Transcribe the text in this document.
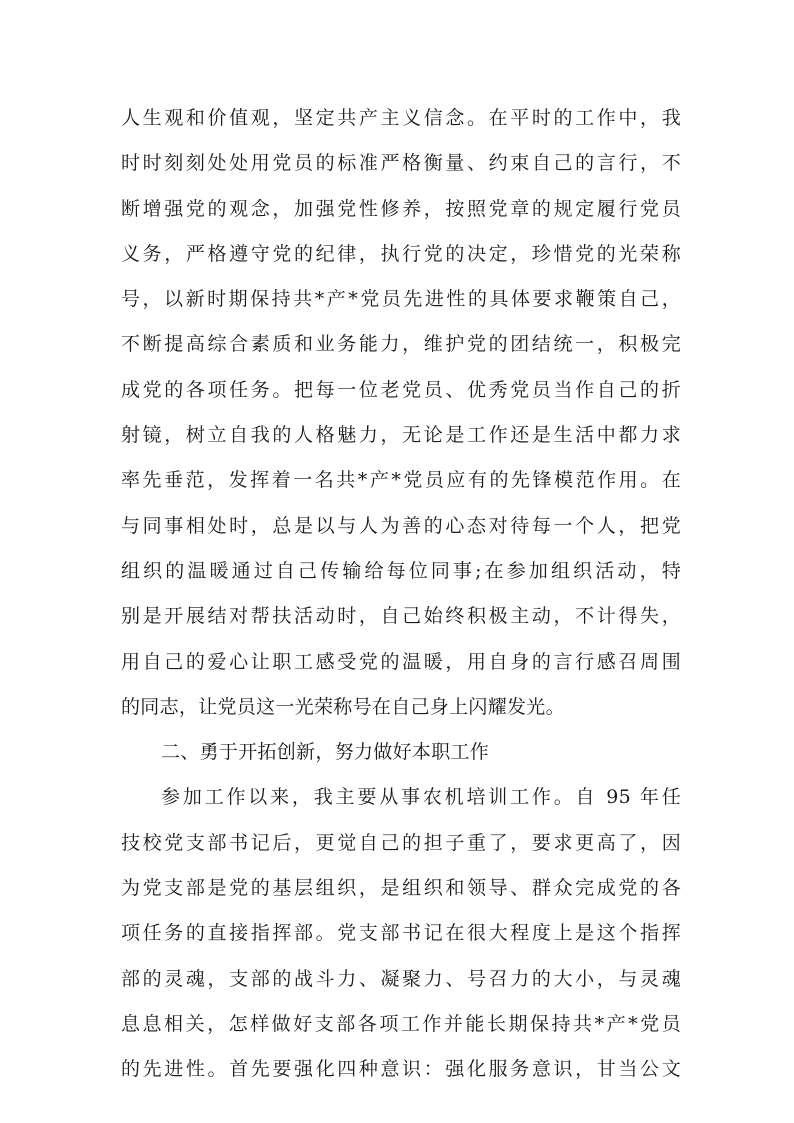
人生观和价值观，坚定共产主义信念。在平时的工作中，我
时时刻刻处处用党员的标准严格衡量、约束自己的言行，不
断增强党的观念，加强党性修养，按照党章的规定履行党员
义务，严格遵守党的纪律，执行党的决定，珍惜党的光荣称
号，以新时期保持共*产*党员先进性的具体要求鞭策自己，
不断提高综合素质和业务能力，维护党的团结统一，积极完
成党的各项任务。把每一位老党员、优秀党员当作自己的折
射镜，树立自我的人格魅力，无论是工作还是生活中都力求
率先垂范，发挥着一名共*产*党员应有的先锋模范作用。在
与同事相处时，总是以与人为善的心态对待每一个人，把党
组织的温暖通过自己传输给每位同事;在参加组织活动，特
别是开展结对帮扶活动时，自己始终积极主动，不计得失，
用自己的爱心让职工感受党的温暖，用自身的言行感召周围
的同志，让党员这一光荣称号在自己身上闪耀发光。
二、勇于开拓创新，努力做好本职工作
参加工作以来，我主要从事农机培训工作。自 95 年任
技校党支部书记后，更觉自己的担子重了，要求更高了，因
为党支部是党的基层组织，是组织和领导、群众完成党的各
项任务的直接指挥部。党支部书记在很大程度上是这个指挥
部的灵魂，支部的战斗力、凝聚力、号召力的大小，与灵魂
息息相关，怎样做好支部各项工作并能长期保持共*产*党员
的先进性。首先要强化四种意识：强化服务意识，甘当公文
